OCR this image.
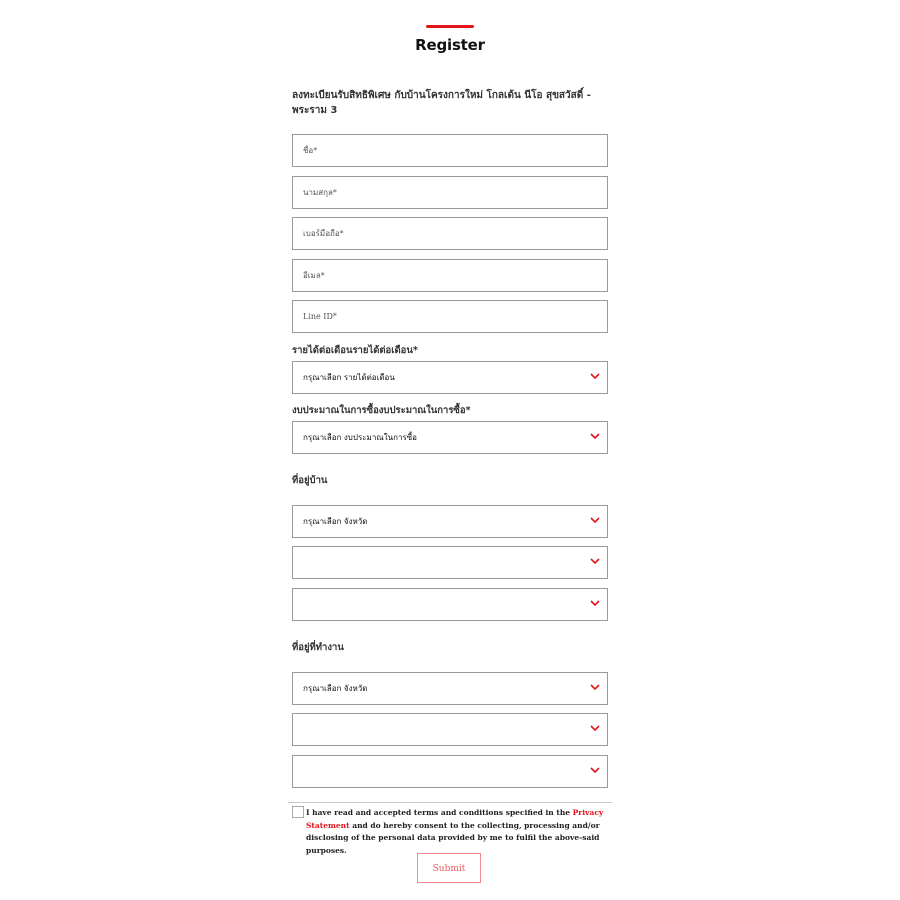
Register
ลงทะเบียนรับสิทธิพิเศษ กับบ้านโครงการใหม่ โกลเด้น นีโอ สุขสวัสดิ์ - พระราม 3
ชื่อ*
นามสกุล*
เบอร์มือถือ*
อีเมล*
Line ID*
รายได้ต่อเดือนรายได้ต่อเดือน*
กรุณาเลือก รายได้ต่อเดือน
งบประมาณในการซื้องบประมาณในการซื้อ*
กรุณาเลือก งบประมาณในการซื้อ
ที่อยู่บ้าน
กรุณาเลือก จังหวัด
ที่อยู่ที่ทำงาน
กรุณาเลือก จังหวัด
I have read and accepted terms and conditions specified in the Privacy Statement and do hereby consent to the collecting, processing and/or disclosing of the personal data provided by me to fulfil the above-said purposes.
Submit
